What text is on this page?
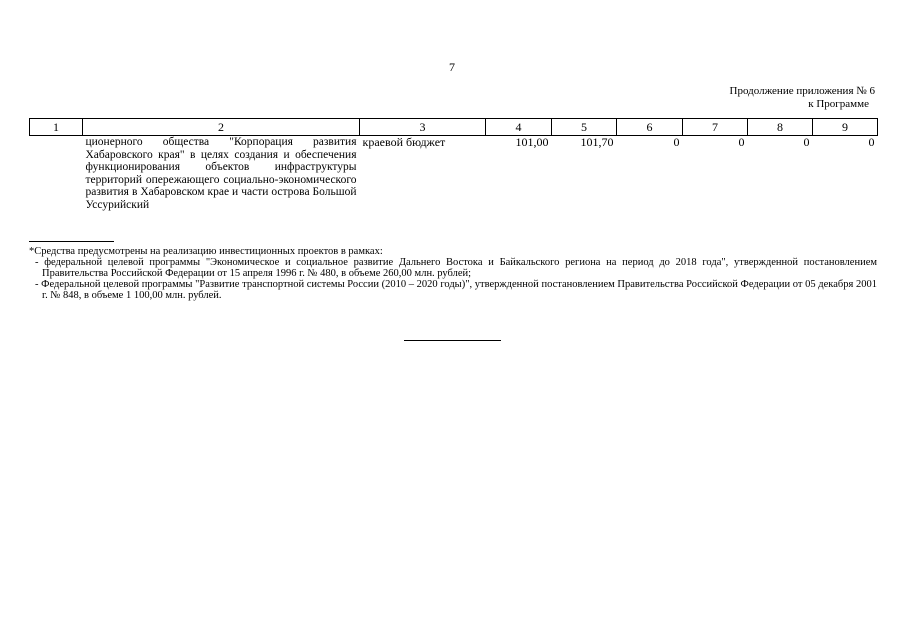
7
Продолжение приложения № 6

к Программе
1	2	3	4	5	6	7	8	9
	ционерного общества "Корпорация развития Хабаровского края" в целях создания и обеспечения функционирования объектов инфраструктуры территорий опережающего социально-экономического развития в Хабаровском крае и части острова Большой Уссурийский	краевой бюджет	101,00	101,70	0	0	0	0

*Средства предусмотрены на реализацию инвестиционных проектов в рамках:

- федеральной целевой программы "Экономическое и социальное развитие Дальнего Востока и Байкальского региона на период до 2018 года", утвержденной постановлением Правительства Российской Федерации от 15 апреля 1996 г. № 480, в объеме 260,00 млн. рублей;

- Федеральной целевой программы "Развитие транспортной системы России (2010 – 2020 годы)", утвержденной постановлением Правительства Российской Федерации от 05 декабря 2001 г. № 848, в объеме 1 100,00 млн. рублей.
